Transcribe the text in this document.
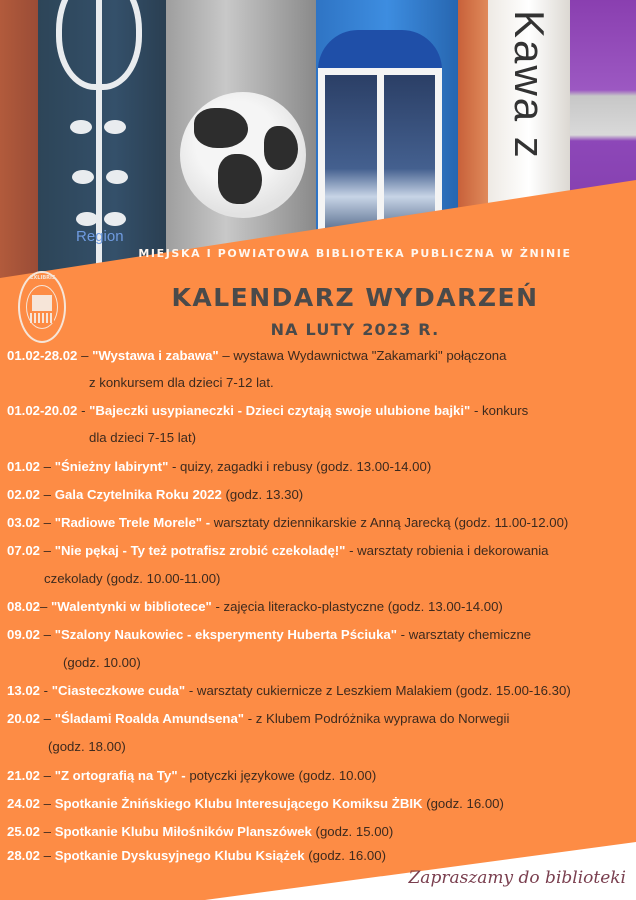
Region
Kawa z
MIEJSKA I POWIATOWA BIBLIOTEKA PUBLICZNA W ŻNINIE
EXLIBRIS
KALENDARZ WYDARZEŃ
NA LUTY 2023 R.
01.02-28.02 – "Wystawa i zabawa" – wystawa Wydawnictwa "Zakamarki" połączona
z konkursem dla dzieci 7-12 lat.
01.02-20.02 - "Bajeczki usypianeczki - Dzieci czytają swoje ulubione bajki" - konkurs
dla dzieci 7-15 lat)
01.02 – "Śnieżny labirynt" - quizy, zagadki i rebusy (godz. 13.00-14.00)
02.02 – Gala Czytelnika Roku 2022 (godz. 13.30)
03.02 – "Radiowe Trele Morele" - warsztaty dziennikarskie z Anną Jarecką (godz. 11.00-12.00)
07.02 – "Nie pękaj - Ty też potrafisz zrobić czekoladę!" - warsztaty robienia i dekorowania
czekolady (godz. 10.00-11.00)
08.02– "Walentynki w bibliotece" - zajęcia literacko-plastyczne (godz. 13.00-14.00)
09.02 – "Szalony Naukowiec - eksperymenty Huberta Pściuka" - warsztaty chemiczne
(godz. 10.00)
13.02 - "Ciasteczkowe cuda" - warsztaty cukiernicze z Leszkiem Malakiem (godz. 15.00-16.30)
20.02 – "Śladami Roalda Amundsena" - z Klubem Podróżnika wyprawa do Norwegii
(godz. 18.00)
21.02 – "Z ortografią na Ty" - potyczki językowe (godz. 10.00)
24.02 – Spotkanie Żnińskiego Klubu Interesującego Komiksu ŻBIK (godz. 16.00)
25.02 – Spotkanie Klubu Miłośników Planszówek (godz. 15.00)
28.02 – Spotkanie Dyskusyjnego Klubu Książek (godz. 16.00)
Zapraszamy do biblioteki
